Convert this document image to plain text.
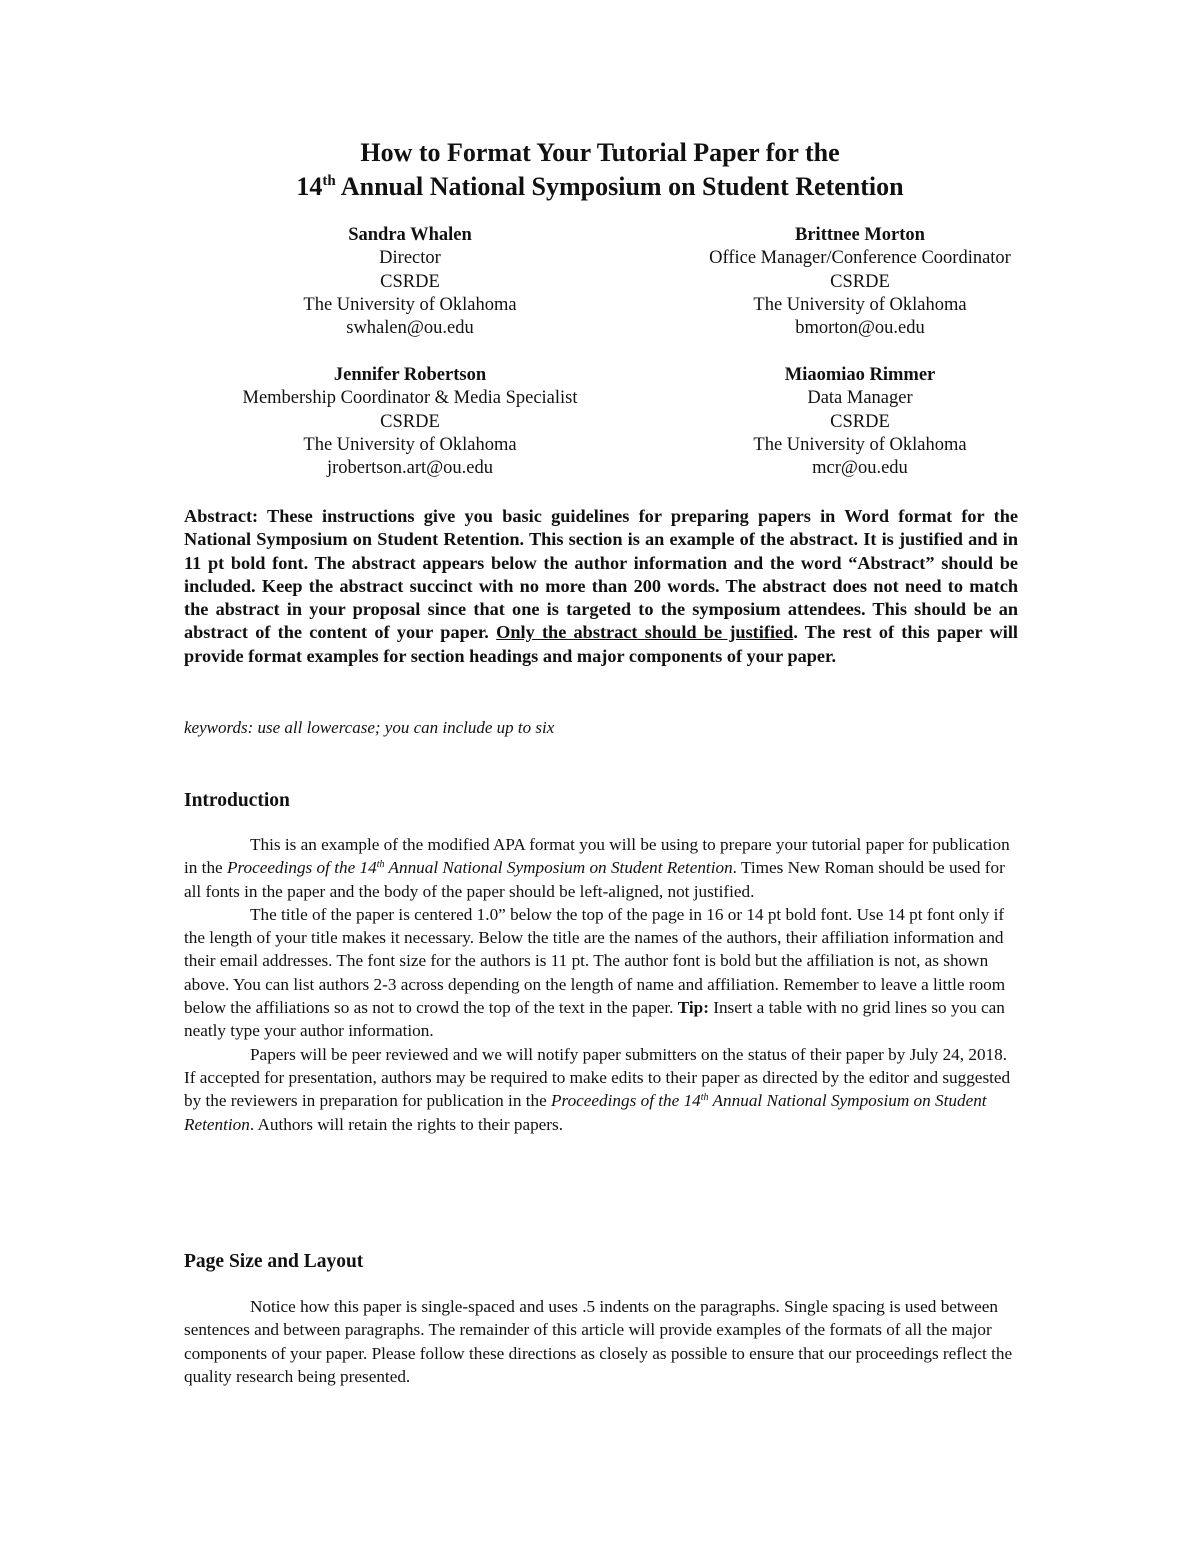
How to Format Your Tutorial Paper for the
14th Annual National Symposium on Student Retention
Sandra Whalen
Director
CSRDE
The University of Oklahoma
swhalen@ou.edu
Brittnee Morton
Office Manager/Conference Coordinator
CSRDE
The University of Oklahoma
bmorton@ou.edu
Jennifer Robertson
Membership Coordinator & Media Specialist
CSRDE
The University of Oklahoma
jrobertson.art@ou.edu
Miaomiao Rimmer
Data Manager
CSRDE
The University of Oklahoma
mcr@ou.edu
Abstract: These instructions give you basic guidelines for preparing papers in Word format for the National Symposium on Student Retention. This section is an example of the abstract. It is justified and in 11 pt bold font. The abstract appears below the author information and the word “Abstract” should be included. Keep the abstract succinct with no more than 200 words. The abstract does not need to match the abstract in your proposal since that one is targeted to the symposium attendees. This should be an abstract of the content of your paper. Only the abstract should be justified. The rest of this paper will provide format examples for section headings and major components of your paper.
keywords: use all lowercase; you can include up to six
Introduction

This is an example of the modified APA format you will be using to prepare your tutorial paper for publication in the Proceedings of the 14th Annual National Symposium on Student Retention. Times New Roman should be used for all fonts in the paper and the body of the paper should be left-aligned, not justified.

The title of the paper is centered 1.0” below the top of the page in 16 or 14 pt bold font. Use 14 pt font only if the length of your title makes it necessary. Below the title are the names of the authors, their affiliation information and their email addresses. The font size for the authors is 11 pt. The author font is bold but the affiliation is not, as shown above. You can list authors 2-3 across depending on the length of name and affiliation. Remember to leave a little room below the affiliations so as not to crowd the top of the text in the paper. Tip: Insert a table with no grid lines so you can neatly type your author information.

Papers will be peer reviewed and we will notify paper submitters on the status of their paper by July 24, 2018. If accepted for presentation, authors may be required to make edits to their paper as directed by the editor and suggested by the reviewers in preparation for publication in the Proceedings of the 14th Annual National Symposium on Student Retention. Authors will retain the rights to their papers.

Page Size and Layout

Notice how this paper is single-spaced and uses .5 indents on the paragraphs. Single spacing is used between sentences and between paragraphs. The remainder of this article will provide examples of the formats of all the major components of your paper. Please follow these directions as closely as possible to ensure that our proceedings reflect the quality research being presented.
